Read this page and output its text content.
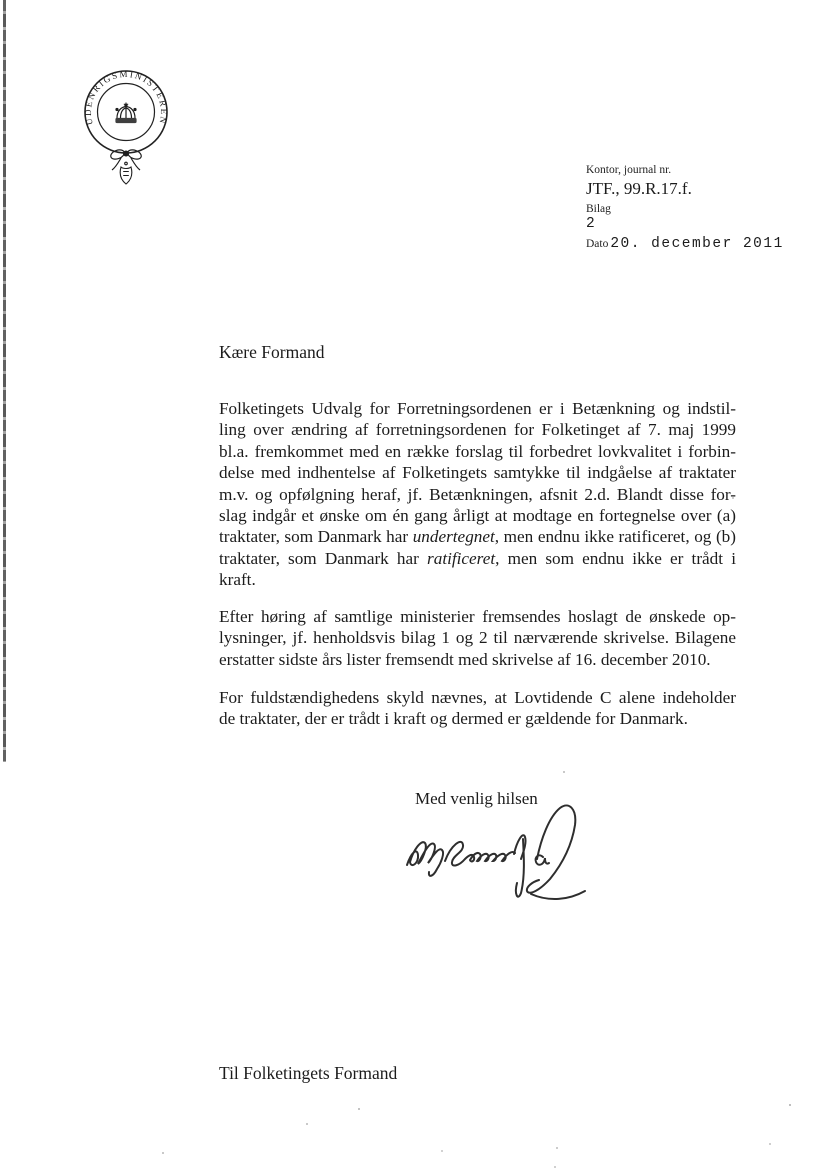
UDENRIGSMINISTEREN
Kontor, journal nr.
JTF., 99.R.17.f.
Bilag
2
Dato 20. december 2011
Kære Formand
Folketingets Udvalg for Forretningsordenen er i Betænkning og indstil-
ling over ændring af forretningsordenen for Folketinget af 7. maj 1999
bl.a. fremkommet med en række forslag til forbedret lovkvalitet i forbin-
delse med indhentelse af Folketingets samtykke til indgåelse af traktater
m.v. og opfølgning heraf, jf. Betænkningen, afsnit 2.d. Blandt disse for-
slag indgår et ønske om én gang årligt at modtage en fortegnelse over (a)
traktater, som Danmark har undertegnet, men endnu ikke ratificeret, og (b)
traktater, som Danmark har ratificeret, men som endnu ikke er trådt i
kraft.
Efter høring af samtlige ministerier fremsendes hoslagt de ønskede op-
lysninger, jf. henholdsvis bilag 1 og 2 til nærværende skrivelse. Bilagene
erstatter sidste års lister fremsendt med skrivelse af 16. december 2010.
For fuldstændighedens skyld nævnes, at Lovtidende C alene indeholder
de traktater, der er trådt i kraft og dermed er gældende for Danmark.
Med venlig hilsen
Til Folketingets Formand
